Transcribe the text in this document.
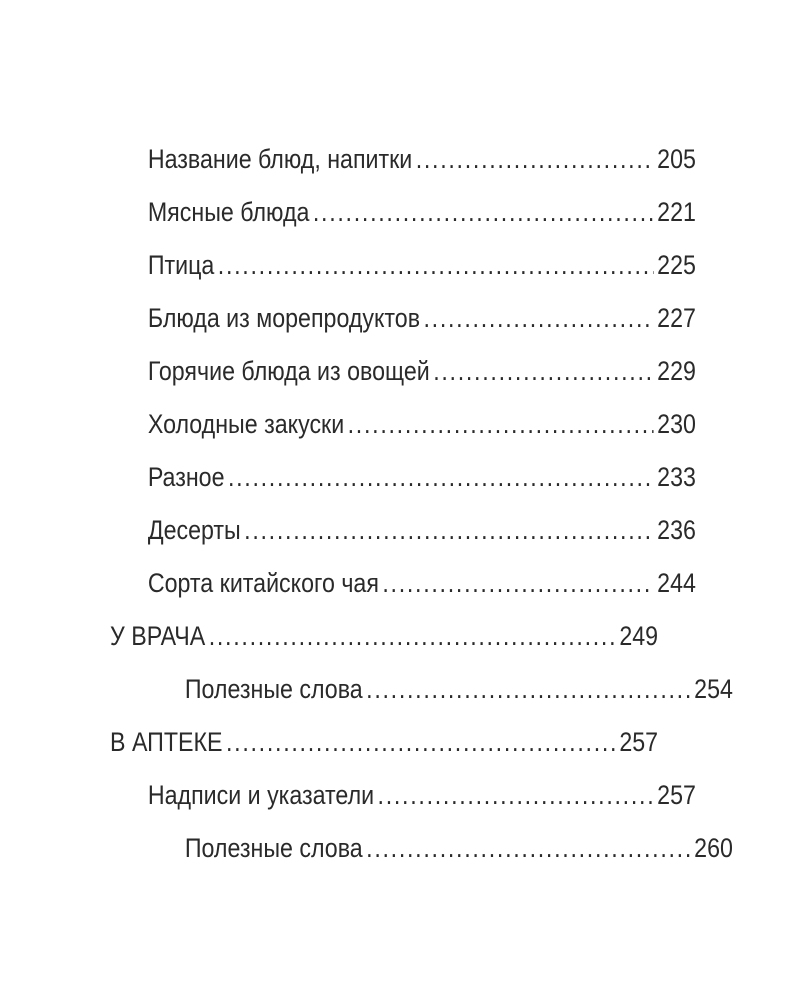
Название блюд, напитки .....	205
Мясные блюда .....	221
Птица .....	225
Блюда из морепродуктов .....	227
Горячие блюда из овощей .....	229
Холодные закуски .....	230
Разное .....	233
Десерты .....	236
Сорта китайского чая .....	244
У ВРАЧА .....	249
Полезные слова .....	254
В АПТЕКЕ .....	257
Надписи и указатели .....	257
Полезные слова .....	260
